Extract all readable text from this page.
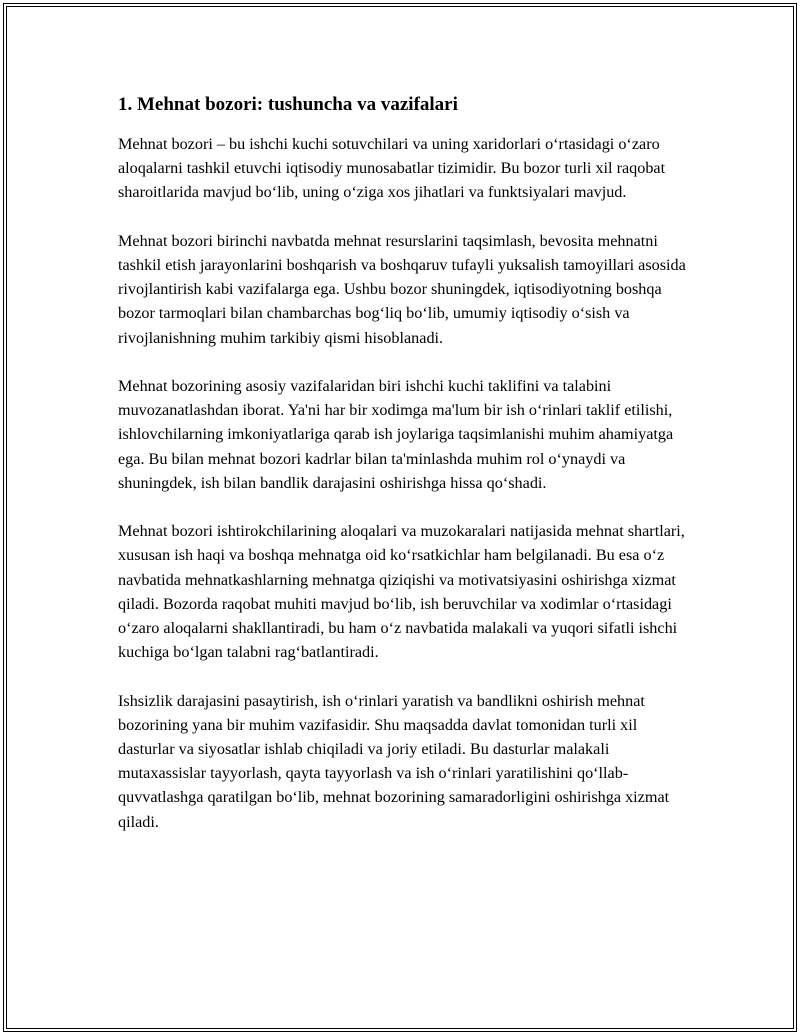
1. Mehnat bozori: tushuncha va vazifalari

Mehnat bozori – bu ishchi kuchi sotuvchilari va uning xaridorlari o‘rtasidagi o‘zaro aloqalarni tashkil etuvchi iqtisodiy munosabatlar tizimidir. Bu bozor turli xil raqobat sharoitlarida mavjud bo‘lib, uning o‘ziga xos jihatlari va funktsiyalari mavjud.

Mehnat bozori birinchi navbatda mehnat resurslarini taqsimlash, bevosita mehnatni tashkil etish jarayonlarini boshqarish va boshqaruv tufayli yuksalish tamoyillari asosida rivojlantirish kabi vazifalarga ega. Ushbu bozor shuningdek, iqtisodiyotning boshqa bozor tarmoqlari bilan chambarchas bog‘liq bo‘lib, umumiy iqtisodiy o‘sish va rivojlanishning muhim tarkibiy qismi hisoblanadi.

Mehnat bozorining asosiy vazifalaridan biri ishchi kuchi taklifini va talabini muvozanatlashdan iborat. Ya'ni har bir xodimga ma'lum bir ish o‘rinlari taklif etilishi, ishlovchilarning imkoniyatlariga qarab ish joylariga taqsimlanishi muhim ahamiyatga ega. Bu bilan mehnat bozori kadrlar bilan ta'minlashda muhim rol o‘ynaydi va shuningdek, ish bilan bandlik darajasini oshirishga hissa qo‘shadi.

Mehnat bozori ishtirokchilarining aloqalari va muzokaralari natijasida mehnat shartlari, xususan ish haqi va boshqa mehnatga oid ko‘rsatkichlar ham belgilanadi. Bu esa o‘z navbatida mehnatkashlarning mehnatga qiziqishi va motivatsiyasini oshirishga xizmat qiladi. Bozorda raqobat muhiti mavjud bo‘lib, ish beruvchilar va xodimlar o‘rtasidagi o‘zaro aloqalarni shakllantiradi, bu ham o‘z navbatida malakali va yuqori sifatli ishchi kuchiga bo‘lgan talabni rag‘batlantiradi.

Ishsizlik darajasini pasaytirish, ish o‘rinlari yaratish va bandlikni oshirish mehnat bozorining yana bir muhim vazifasidir. Shu maqsadda davlat tomonidan turli xil dasturlar va siyosatlar ishlab chiqiladi va joriy etiladi. Bu dasturlar malakali mutaxassislar tayyorlash, qayta tayyorlash va ish o‘rinlari yaratilishini qo‘llab-quvvatlashga qaratilgan bo‘lib, mehnat bozorining samaradorligini oshirishga xizmat qiladi.
